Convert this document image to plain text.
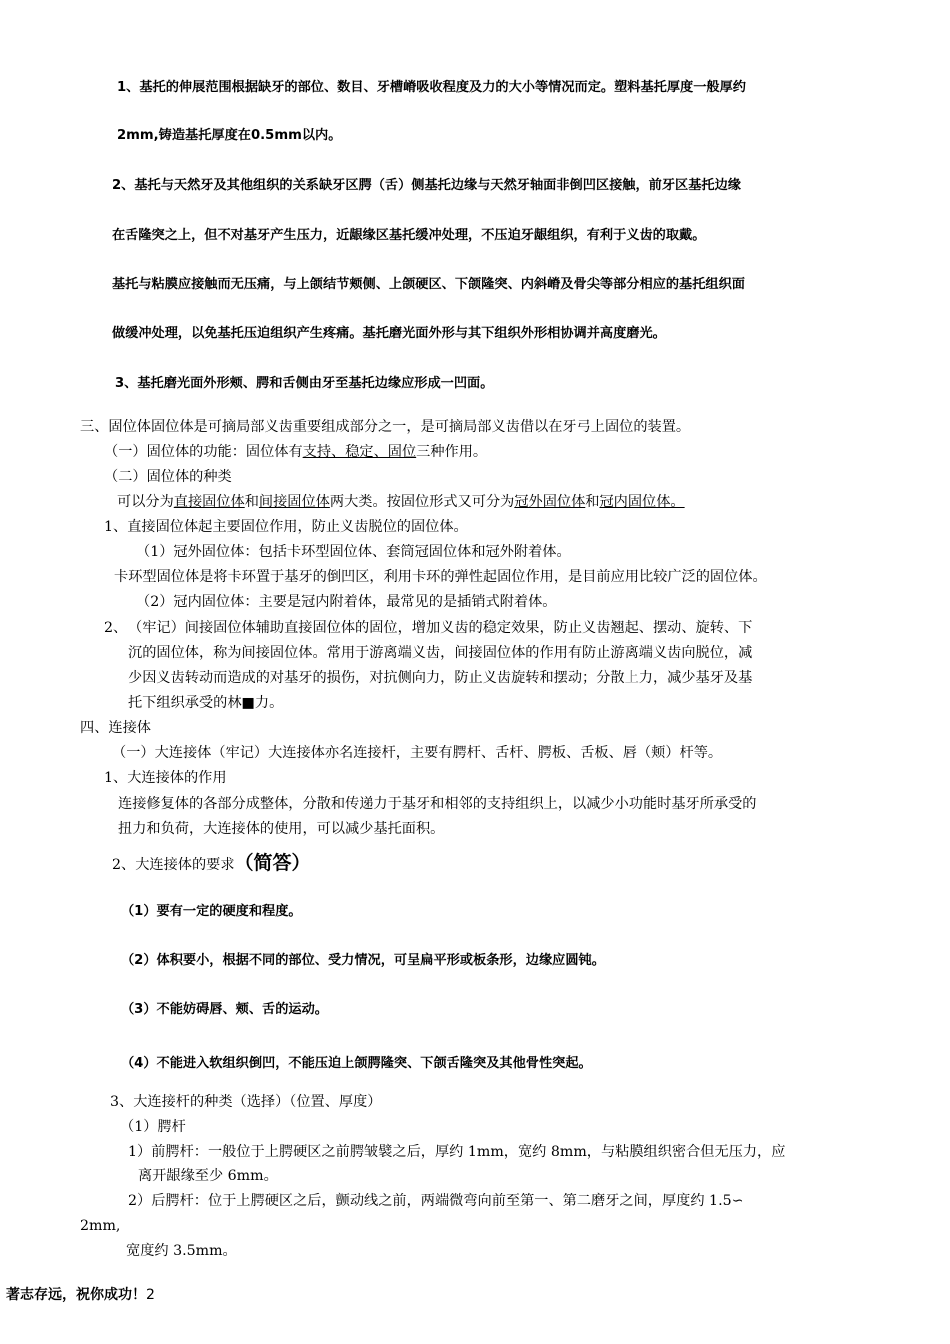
1、基托的伸展范围根据缺牙的部位、数目、牙槽嵴吸收程度及力的大小等情况而定。塑料基托厚度一般厚约
2mm,铸造基托厚度在0.5mm以内。
2、基托与天然牙及其他组织的关系缺牙区腭（舌）侧基托边缘与天然牙轴面非倒凹区接触，前牙区基托边缘
在舌隆突之上，但不对基牙产生压力，近龈缘区基托缓冲处理，不压迫牙龈组织，有利于义齿的取戴。
基托与粘膜应接触而无压痛，与上颌结节颊侧、上颌硬区、下颌隆突、内斜嵴及骨尖等部分相应的基托组织面
做缓冲处理，以免基托压迫组织产生疼痛。基托磨光面外形与其下组织外形相协调并高度磨光。
3、基托磨光面外形颊、腭和舌侧由牙至基托边缘应形成一凹面。
三、固位体固位体是可摘局部义齿重要组成部分之一，是可摘局部义齿借以在牙弓上固位的装置。
（一）固位体的功能：固位体有支持、稳定、固位三种作用。
（二）固位体的种类
可以分为直接固位体和间接固位体两大类。按固位形式又可分为冠外固位体和冠内固位体。
1、直接固位体起主要固位作用，防止义齿脱位的固位体。
（1）冠外固位体：包括卡环型固位体、套筒冠固位体和冠外附着体。
卡环型固位体是将卡环置于基牙的倒凹区，利用卡环的弹性起固位作用，是目前应用比较广泛的固位体。
（2）冠内固位体：主要是冠内附着体，最常见的是插销式附着体。
2、 （牢记）间接固位体辅助直接固位体的固位，增加义齿的稳定效果，防止义齿翘起、摆动、旋转、下
沉的固位体，称为间接固位体。常用于游离端义齿，间接固位体的作用有防止游离端义齿向脱位，减
少因义齿转动而造成的对基牙的损伤，对抗侧向力，防止义齿旋转和摆动；分散上力，减少基牙及基
托下组织承受的林■力。
四、连接体
（一）大连接体（牢记）大连接体亦名连接杆，主要有腭杆、舌杆、腭板、舌板、唇（颊）杆等。
1、大连接体的作用
连接修复体的各部分成整体，分散和传递力于基牙和相邻的支持组织上，以减少小功能时基牙所承受的
扭力和负荷，大连接体的使用，可以减少基托面积。
2、大连接体的要求（简答）
（1）要有一定的硬度和程度。
（2）体积要小，根据不同的部位、受力情况，可呈扁平形或板条形，边缘应圆钝。
（3）不能妨碍唇、颊、舌的运动。
（4）不能进入软组织倒凹，不能压迫上颌腭隆突、下颌舌隆突及其他骨性突起。
3、大连接杆的种类（选择）（位置、厚度）
（1）腭杆
1）前腭杆：一般位于上腭硬区之前腭皱襞之后，厚约 1mm，宽约 8mm，与粘膜组织密合但无压力，应
离开龈缘至少 6mm。
2）后腭杆：位于上腭硬区之后，颤动线之前，两端微弯向前至第一、第二磨牙之间，厚度约 1.5∽
2mm,
宽度约 3.5mm。
著志存远，祝你成功！2
